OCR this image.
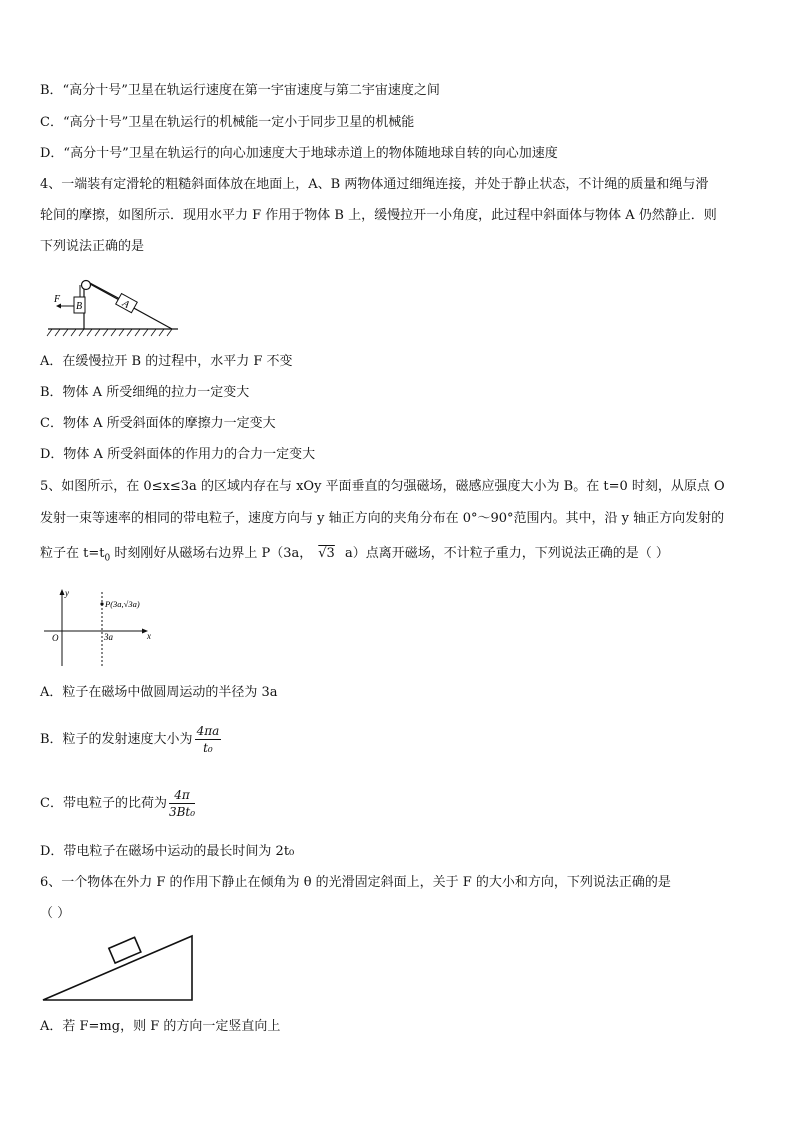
B．“高分十号”卫星在轨运行速度在第一宇宙速度与第二宇宙速度之间
C．“高分十号”卫星在轨运行的机械能一定小于同步卫星的机械能
D．“高分十号”卫星在轨运行的向心加速度大于地球赤道上的物体随地球自转的向心加速度
4、一端装有定滑轮的粗糙斜面体放在地面上，A、B 两物体通过细绳连接，并处于静止状态，不计绳的质量和绳与滑
轮间的摩擦，如图所示．现用水平力 F 作用于物体 B 上，缓慢拉开一小角度，此过程中斜面体与物体 A 仍然静止．则
下列说法正确的是
B	A
F
A．在缓慢拉开 B 的过程中，水平力 F 不变
B．物体 A 所受细绳的拉力一定变大
C．物体 A 所受斜面体的摩擦力一定变大
D．物体 A 所受斜面体的作用力的合力一定变大
5、如图所示，在 0≤x≤3a 的区域内存在与 xOy 平面垂直的匀强磁场，磁感应强度大小为 B。在 t=0 时刻，从原点 O
发射一束等速率的相同的带电粒子，速度方向与 y 轴正方向的夹角分布在 0°～90°范围内。其中，沿 y 轴正方向发射的
粒子在 $t=t_0$ 时刻刚好从磁场右边界上 P（3a， √3 a）点离开磁场，不计粒子重力，下列说法正确的是（ ）
y
x
O	3a
P(3a,√3a)
A．粒子在磁场中做圆周运动的半径为 3a
B．粒子的发射速度大小为 $\frac{4\pi a}{\text{t₀}}$
C．带电粒子的比荷为 $\frac{4\pi}{\text{3Bt₀}}$
D．带电粒子在磁场中运动的最长时间为 2t₀
6、一个物体在外力 F 的作用下静止在倾角为 θ 的光滑固定斜面上，关于 F 的大小和方向，下列说法正确的是
（ ）
A．若 F=mg，则 F 的方向一定竖直向上
